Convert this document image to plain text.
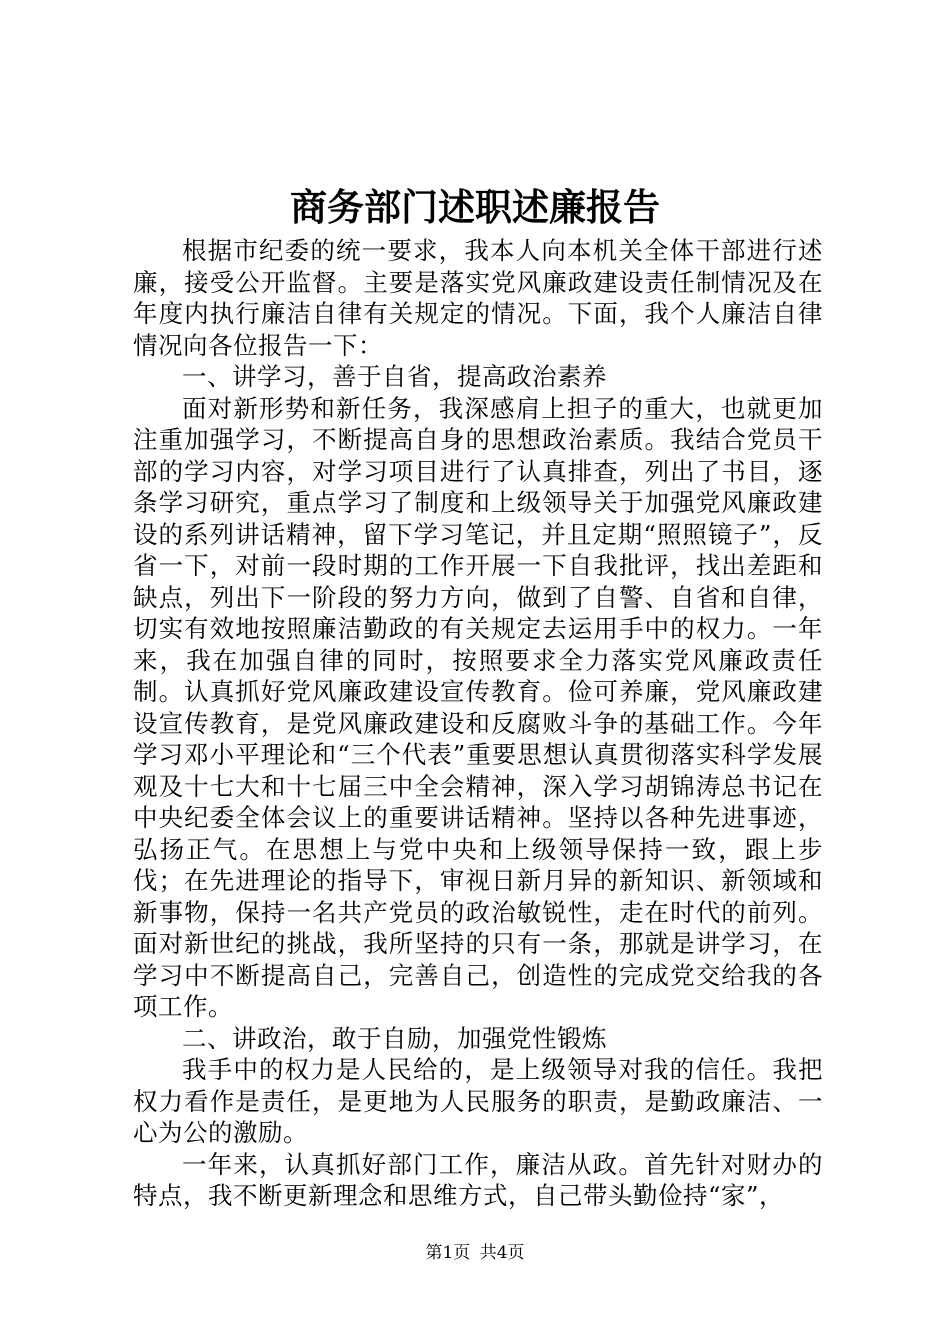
商务部门述职述廉报告

根据市纪委的统一要求，我本人向本机关全体干部进行述廉，接受公开监督。主要是落实党风廉政建设责任制情况及在年度内执行廉洁自律有关规定的情况。下面，我个人廉洁自律情况向各位报告一下：

一、讲学习，善于自省，提高政治素养

面对新形势和新任务，我深感肩上担子的重大，也就更加注重加强学习，不断提高自身的思想政治素质。我结合党员干部的学习内容，对学习项目进行了认真排查，列出了书目，逐条学习研究，重点学习了制度和上级领导关于加强党风廉政建设的系列讲话精神，留下学习笔记，并且定期“照照镜子”，反省一下，对前一段时期的工作开展一下自我批评，找出差距和缺点，列出下一阶段的努力方向，做到了自警、自省和自律，切实有效地按照廉洁勤政的有关规定去运用手中的权力。一年来，我在加强自律的同时，按照要求全力落实党风廉政责任制。认真抓好党风廉政建设宣传教育。俭可养廉，党风廉政建设宣传教育，是党风廉政建设和反腐败斗争的基础工作。今年学习邓小平理论和“三个代表”重要思想认真贯彻落实科学发展观及十七大和十七届三中全会精神，深入学习胡锦涛总书记在中央纪委全体会议上的重要讲话精神。坚持以各种先进事迹，弘扬正气。在思想上与党中央和上级领导保持一致，跟上步伐；在先进理论的指导下，审视日新月异的新知识、新领域和新事物，保持一名共产党员的政治敏锐性，走在时代的前列。面对新世纪的挑战，我所坚持的只有一条，那就是讲学习，在学习中不断提高自己，完善自己，创造性的完成党交给我的各项工作。

二、讲政治，敢于自励，加强党性锻炼

我手中的权力是人民给的，是上级领导对我的信任。我把权力看作是责任，是更地为人民服务的职责，是勤政廉洁、一心为公的激励。

一年来，认真抓好部门工作，廉洁从政。首先针对财办的特点，我不断更新理念和思维方式，自己带头勤俭持“家”，

第1页 共4页
